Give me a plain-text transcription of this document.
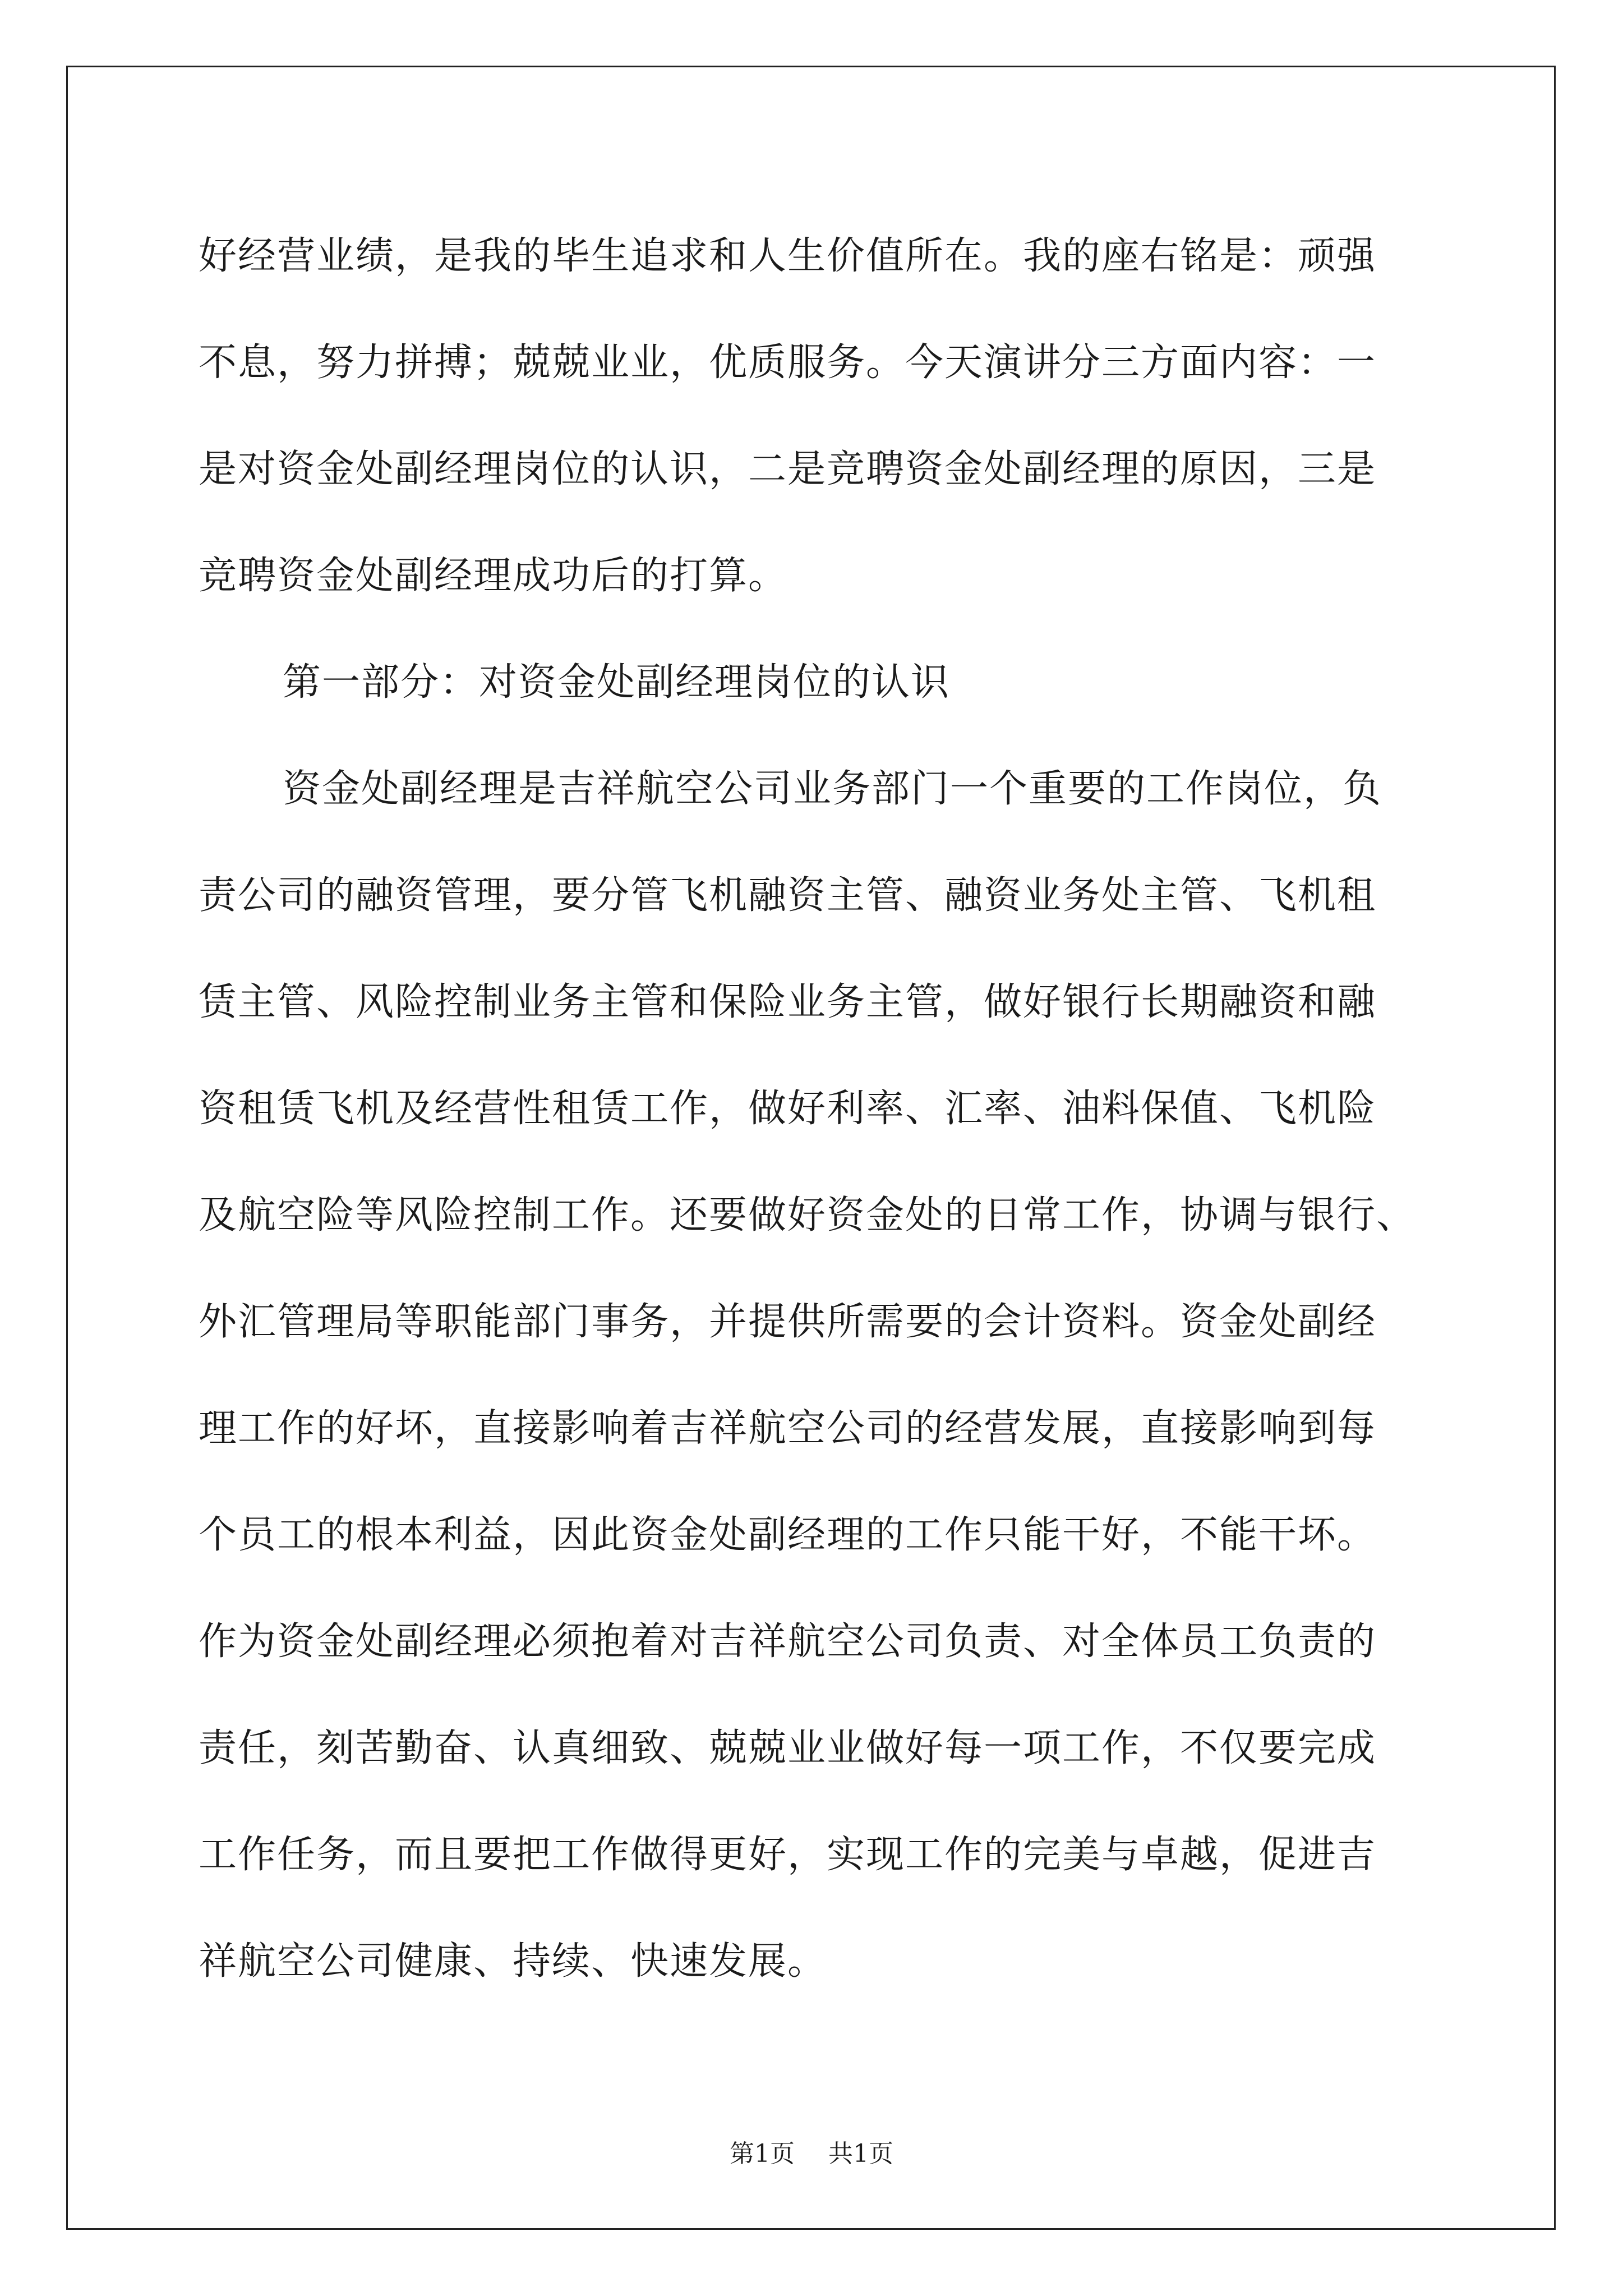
好经营业绩，是我的毕生追求和人生价值所在。我的座右铭是：顽强
不息，努力拼搏；兢兢业业，优质服务。今天演讲分三方面内容：一
是对资金处副经理岗位的认识，二是竞聘资金处副经理的原因，三是
竞聘资金处副经理成功后的打算。
第一部分：对资金处副经理岗位的认识
资金处副经理是吉祥航空公司业务部门一个重要的工作岗位，负
责公司的融资管理，要分管飞机融资主管、融资业务处主管、飞机租
赁主管、风险控制业务主管和保险业务主管，做好银行长期融资和融
资租赁飞机及经营性租赁工作，做好利率、汇率、油料保值、飞机险
及航空险等风险控制工作。还要做好资金处的日常工作，协调与银行、
外汇管理局等职能部门事务，并提供所需要的会计资料。资金处副经
理工作的好坏，直接影响着吉祥航空公司的经营发展，直接影响到每
个员工的根本利益，因此资金处副经理的工作只能干好，不能干坏。
作为资金处副经理必须抱着对吉祥航空公司负责、对全体员工负责的
责任，刻苦勤奋、认真细致、兢兢业业做好每一项工作，不仅要完成
工作任务，而且要把工作做得更好，实现工作的完美与卓越，促进吉
祥航空公司健康、持续、快速发展。
第1页 共1页
